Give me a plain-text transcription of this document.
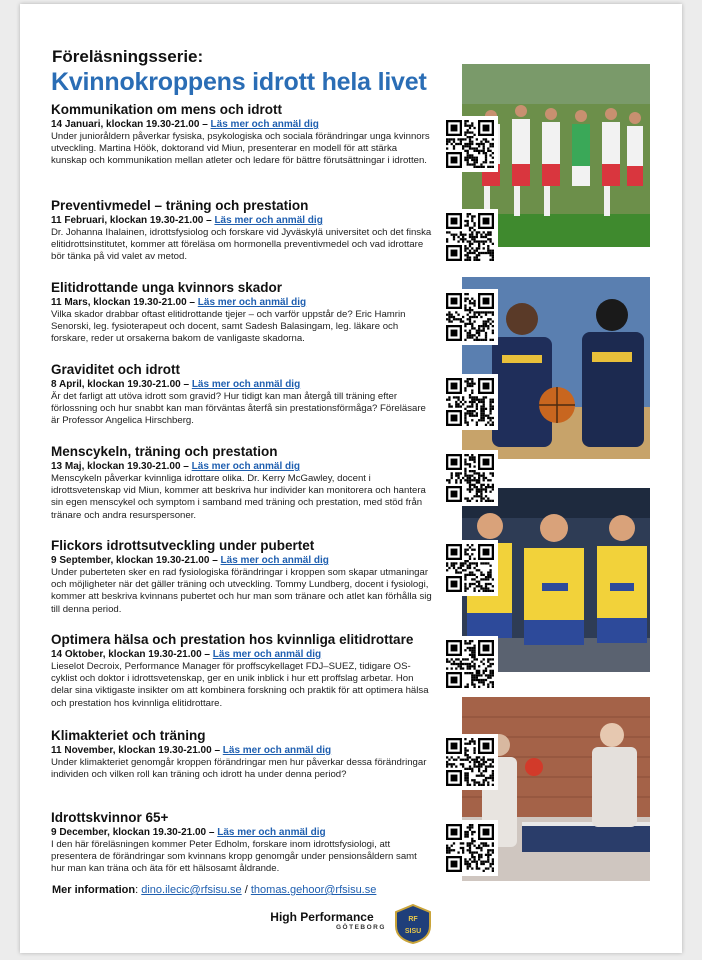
Föreläsningsserie:
Kvinnokroppens idrott hela livet
Kommunikation om mens och idrott
14 Januari, klockan 19.30-21.00 – Läs mer och anmäl dig

Under junioråldern påverkar fysiska, psykologiska och sociala förändringar unga kvinnors utveckling. Martina Höök, doktorand vid Miun, presenterar en modell för att stärka kunskap och kommunikation mellan atleter och ledare för bättre förutsättningar i idrotten.

Preventivmedel – träning och prestation
11 Februari, klockan 19.30-21.00 – Läs mer och anmäl dig

Dr. Johanna Ihalainen, idrottsfysiolog och forskare vid Jyväskylä universitet och det finska elitidrottsinstitutet, kommer att föreläsa om hormonella preventivmedel och vad idrottare bör tänka på vid valet av metod.

Elitidrottande unga kvinnors skador
11 Mars, klockan 19.30-21.00 – Läs mer och anmäl dig

Vilka skador drabbar oftast elitidrottande tjejer – och varför uppstår de? Eric Hamrin Senorski, leg. fysioterapeut och docent, samt Sadesh Balasingam, leg. läkare och forskare, reder ut orsakerna bakom de vanligaste skadorna.

Graviditet och idrott
8 April, klockan 19.30-21.00 – Läs mer och anmäl dig

Är det farligt att utöva idrott som gravid? Hur tidigt kan man återgå till träning efter förlossning och hur snabbt kan man förväntas återfå sin prestationsförmåga? Föreläsare är Professor Angelica Hirschberg.

Menscykeln, träning och prestation
13 Maj, klockan 19.30-21.00 – Läs mer och anmäl dig

Menscykeln påverkar kvinnliga idrottare olika. Dr. Kerry McGawley, docent i idrottsvetenskap vid Miun, kommer att beskriva hur individer kan monitorera och hantera sin egen menscykel och symptom i samband med träning och prestation, med stöd från tränare och andra resurspersoner.

Flickors idrottsutveckling under pubertet
9 September, klockan 19.30-21.00 – Läs mer och anmäl dig

Under puberteten sker en rad fysiologiska förändringar i kroppen som skapar utmaningar och möjligheter när det gäller träning och utveckling. Tommy Lundberg, docent i fysiologi, kommer att beskriva kvinnans pubertet och hur man som tränare och atlet kan förhålla sig till denna period.

Optimera hälsa och prestation hos kvinnliga elitidrottare
14 Oktober, klockan 19.30-21.00 – Läs mer och anmäl dig

Lieselot Decroix, Performance Manager för proffscykellaget FDJ–SUEZ, tidigare OS-cyklist och doktor i idrottsvetenskap, ger en unik inblick i hur ett proffslag arbetar. Hon delar sina viktigaste insikter om att kombinera forskning och praktik för att optimera hälsa och prestation hos kvinnliga elitidrottare.

Klimakteriet och träning
11 November, klockan 19.30-21.00 – Läs mer och anmäl dig

Under klimakteriet genomgår kroppen förändringar men hur påverkar dessa förändringar individen och vilken roll kan träning och idrott ha under denna period?

Idrottskvinnor 65+
9 December, klockan 19.30-21.00 – Läs mer och anmäl dig

I den här föreläsningen kommer Peter Edholm, forskare inom idrottsfysiologi, att presentera de förändringar som kvinnans kropp genomgår under pensionsåldern samt hur man kan träna och äta för ett hälsosamt åldrande.

Mer information: dino.ilecic@rfsisu.se / thomas.gehoor@rfsisu.se
High Performance
GÖTEBORG
RF
SISU
